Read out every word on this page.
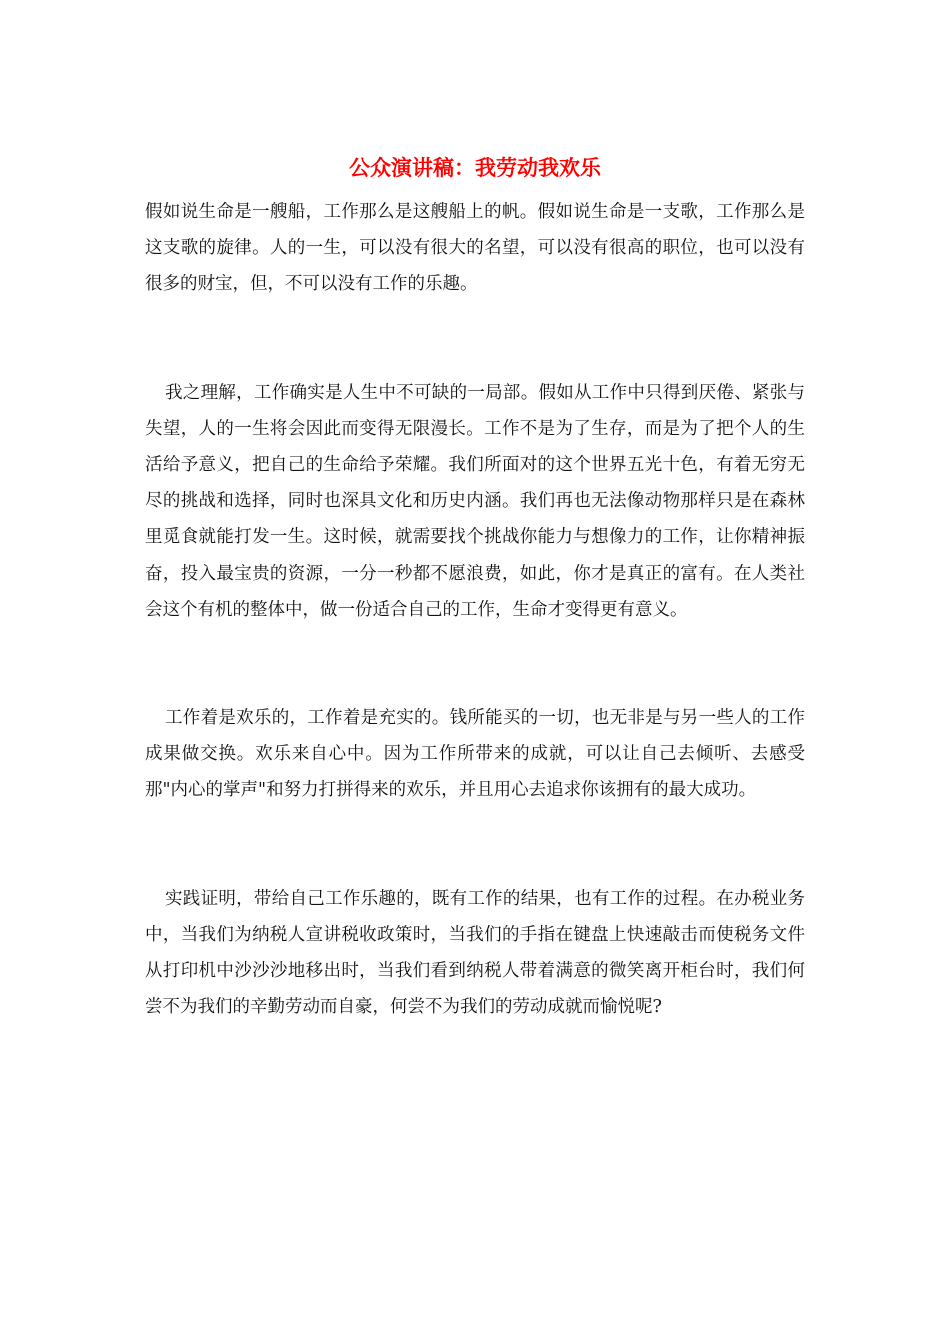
公众演讲稿：我劳动我欢乐

假如说生命是一艘船，工作那么是这艘船上的帆。假如说生命是一支歌，工作那么是这支歌的旋律。人的一生，可以没有很大的名望，可以没有很高的职位，也可以没有很多的财宝，但，不可以没有工作的乐趣。

我之理解，工作确实是人生中不可缺的一局部。假如从工作中只得到厌倦、紧张与失望，人的一生将会因此而变得无限漫长。工作不是为了生存，而是为了把个人的生活给予意义，把自己的生命给予荣耀。我们所面对的这个世界五光十色，有着无穷无尽的挑战和选择，同时也深具文化和历史内涵。我们再也无法像动物那样只是在森林里觅食就能打发一生。这时候，就需要找个挑战你能力与想像力的工作，让你精神振奋，投入最宝贵的资源，一分一秒都不愿浪费，如此，你才是真正的富有。在人类社会这个有机的整体中，做一份适合自己的工作，生命才变得更有意义。

工作着是欢乐的，工作着是充实的。钱所能买的一切，也无非是与另一些人的工作成果做交换。欢乐来自心中。因为工作所带来的成就，可以让自己去倾听、去感受那"内心的掌声"和努力打拼得来的欢乐，并且用心去追求你该拥有的最大成功。

实践证明，带给自己工作乐趣的，既有工作的结果，也有工作的过程。在办税业务中，当我们为纳税人宣讲税收政策时，当我们的手指在键盘上快速敲击而使税务文件从打印机中沙沙沙地移出时，当我们看到纳税人带着满意的微笑离开柜台时，我们何尝不为我们的辛勤劳动而自豪，何尝不为我们的劳动成就而愉悦呢?
